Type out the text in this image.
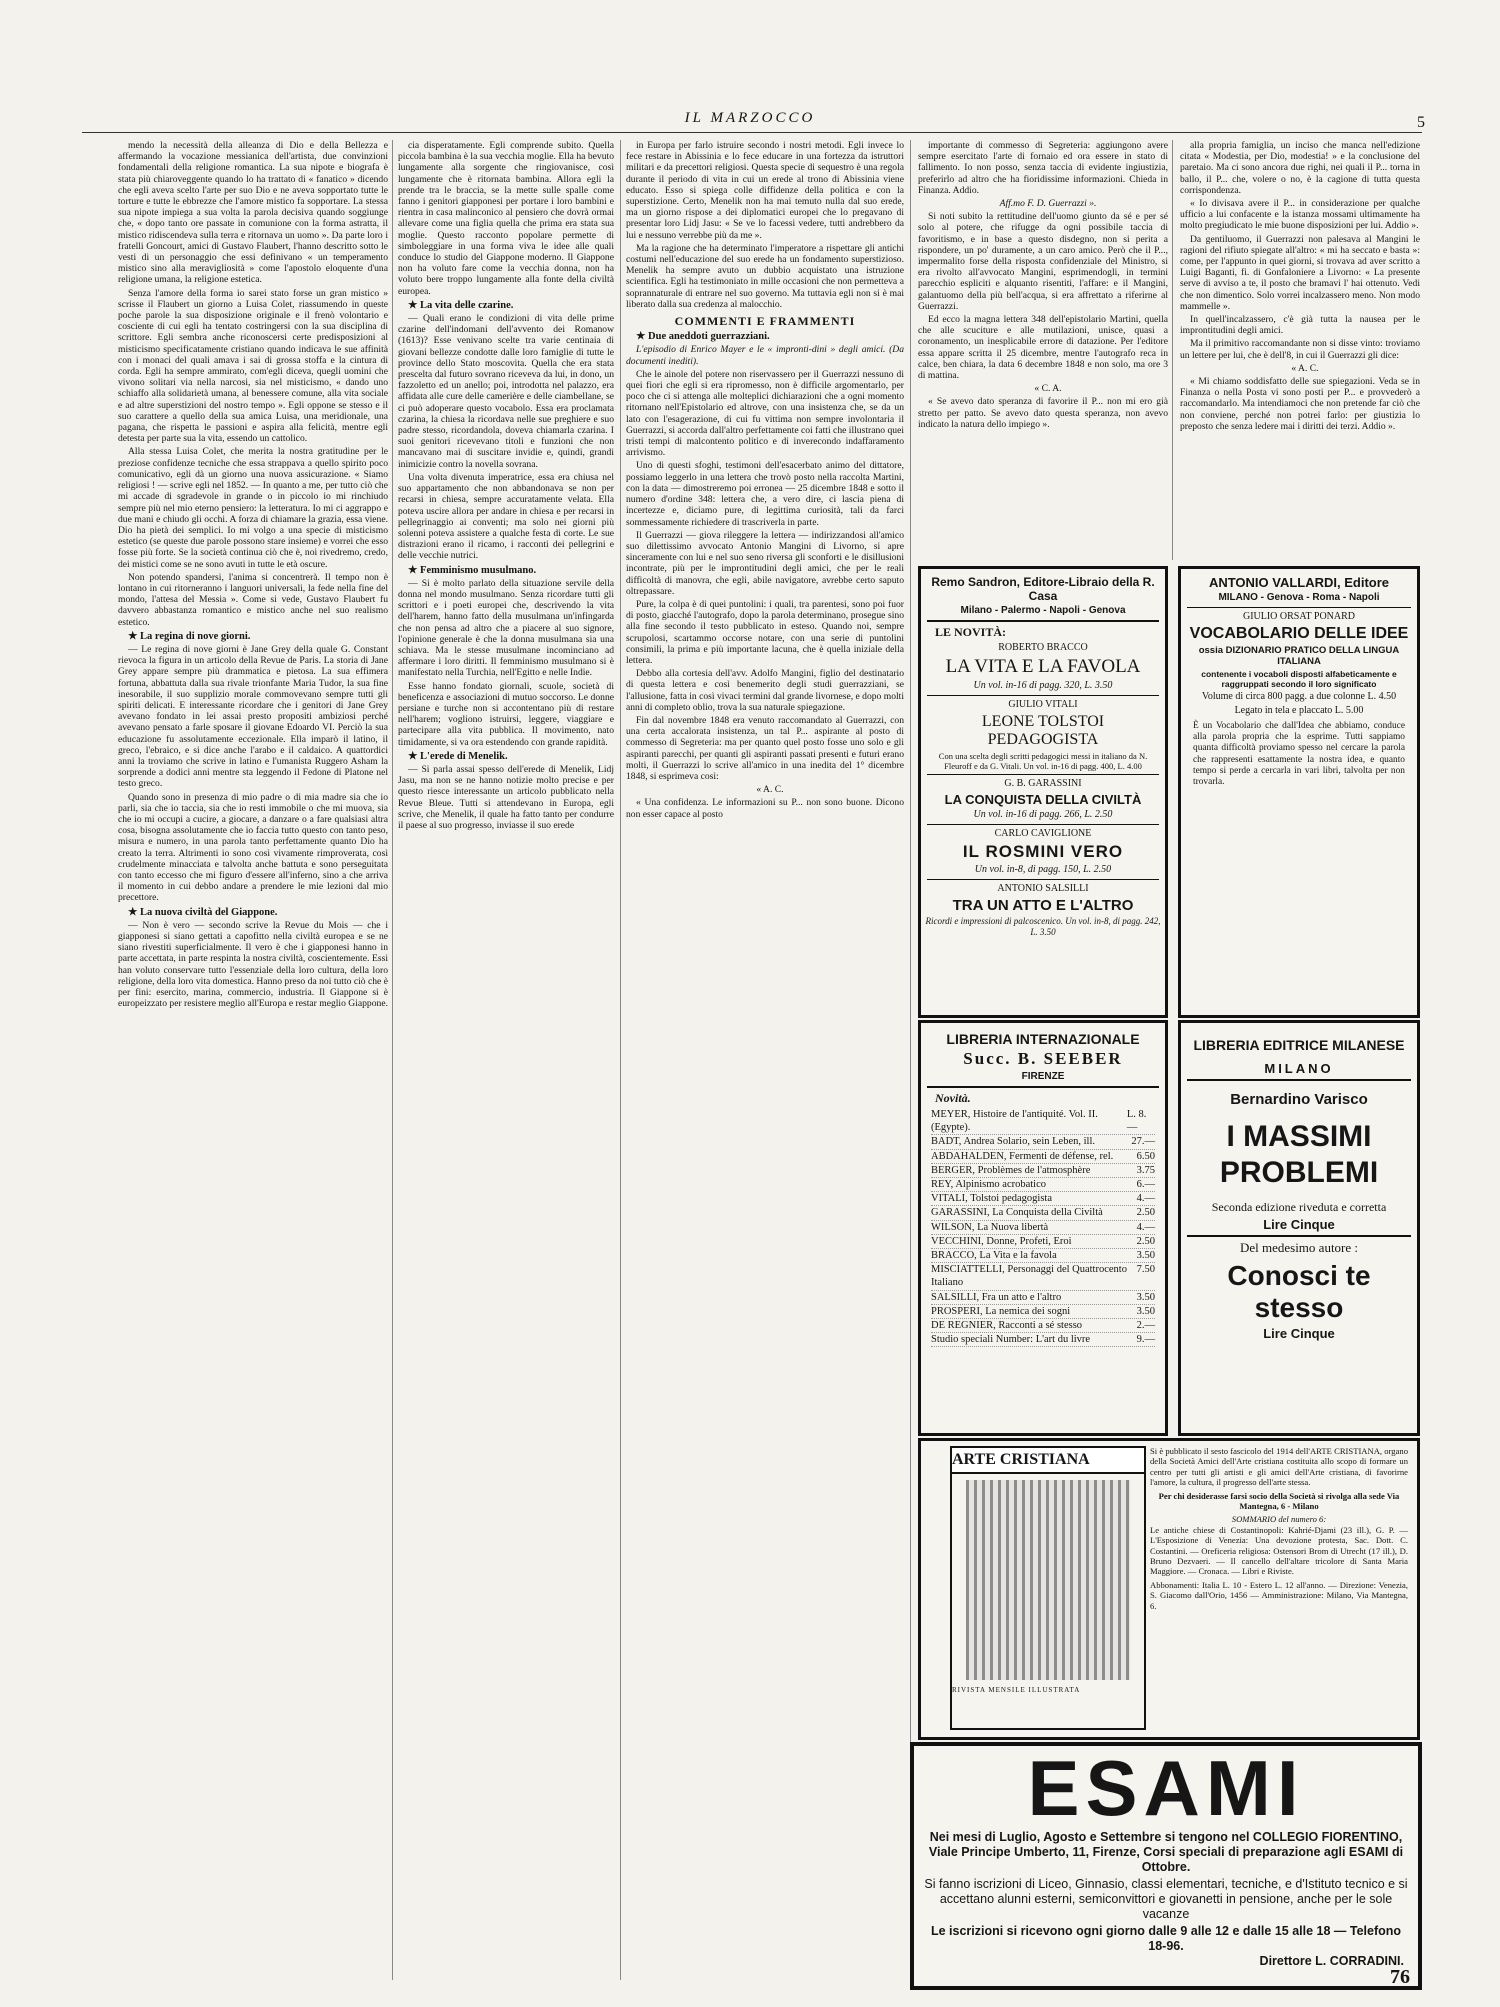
IL MARZOCCO	5

mendo la necessità della alleanza di Dio e della Bellezza e affermando la vocazione messianica dell'artista, due convinzioni fondamentali della religione romantica. La sua nipote e biografa è stata più chiaroveggente quando lo ha trattato di « fanatico » dicendo che egli aveva scelto l'arte per suo Dio e ne aveva sopportato tutte le torture e tutte le ebbrezze che l'amore mistico fa sopportare. La stessa sua nipote impiega a sua volta la parola decisiva quando soggiunge che, « dopo tanto ore passate in comunione con la forma astratta, il mistico ridiscendeva sulla terra e ritornava un uomo ». Da parte loro i fratelli Goncourt, amici di Gustavo Flaubert, l'hanno descritto sotto le vesti di un personaggio che essi definivano « un temperamento mistico sino alla meravigliosità » come l'apostolo eloquente d'una religione umana, la religione estetica.

Senza l'amore della forma io sarei stato forse un gran mistico » scrisse il Flaubert un giorno a Luisa Colet, riassumendo in queste poche parole la sua disposizione originale e il frenò volontario e cosciente di cui egli ha tentato costringersi con la sua disciplina di scrittore. Egli sembra anche riconoscersi certe predisposizioni al misticismo specificatamente cristiano quando indicava le sue affinità con i monaci del quali amava i sai di grossa stoffa e la cintura di corda. Egli ha sempre ammirato, com'egli diceva, quegli uomini che vivono solitari via nella narcosi, sia nel misticismo, « dando uno schiaffo alla solidarietà umana, al benessere comune, alla vita sociale e ad altre superstizioni del nostro tempo ». Egli oppone se stesso e il suo carattere a quello della sua amica Luisa, una meridionale, una pagana, che rispetta le passioni e aspira alla felicità, mentre egli detesta per parte sua la vita, essendo un cattolico.

Alla stessa Luisa Colet, che merita la nostra gratitudine per le preziose confidenze tecniche che essa strappava a quello spirito poco comunicativo, egli dà un giorno una nuova assicurazione. « Siamo religiosi ! — scrive egli nel 1852. — In quanto a me, per tutto ciò che mi accade di sgradevole in grande o in piccolo io mi rinchiudo sempre più nel mio eterno pensiero: la letteratura. Io mi ci aggrappo e due mani e chiudo gli occhi. A forza di chiamare la grazia, essa viene. Dio ha pietà dei semplici. Io mi volgo a una specie di misticismo estetico (se queste due parole possono stare insieme) e vorrei che esso fosse più forte. Se la società continua ciò che è, noi rivedremo, credo, dei mistici come se ne sono avuti in tutte le età oscure.

Non potendo spandersi, l'anima si concentrerà. Il tempo non è lontano in cui ritorneranno i languori universali, la fede nella fine del mondo, l'attesa del Messia ». Come si vede, Gustavo Flaubert fu davvero abbastanza romantico e mistico anche nel suo realismo estetico.

★ La regina di nove giorni.

— Le regina di nove giorni è Jane Grey della quale G. Constant rievoca la figura in un articolo della Revue de Paris. La storia di Jane Grey appare sempre più drammatica e pietosa. La sua effimera fortuna, abbattuta dalla sua rivale trionfante Maria Tudor, la sua fine inesorabile, il suo supplizio morale commovevano sempre tutti gli spiriti delicati. E interessante ricordare che i genitori di Jane Grey avevano fondato in lei assai presto propositi ambiziosi perché avevano pensato a farle sposare il giovane Edoardo VI. Perciò la sua educazione fu assolutamente eccezionale. Ella imparò il latino, il greco, l'ebraico, e si dice anche l'arabo e il caldaico. A quattordici anni la troviamo che scrive in latino e l'umanista Ruggero Asham la sorprende a dodici anni mentre sta leggendo il Fedone di Platone nel testo greco.

Quando sono in presenza di mio padre o di mia madre sia che io parli, sia che io taccia, sia che io resti immobile o che mi muova, sia che io mi occupi a cucire, a giocare, a danzare o a fare qualsiasi altra cosa, bisogna assolutamente che io faccia tutto questo con tanto peso, misura e numero, in una parola tanto perfettamente quanto Dio ha creato la terra. Altrimenti io sono così vivamente rimproverata, così crudelmente minacciata e talvolta anche battuta e sono perseguitata con tanto eccesso che mi figuro d'essere all'inferno, sino a che arriva il momento in cui debbo andare a prendere le mie lezioni dal mio precettore.

★ La nuova civiltà del Giappone.

— Non è vero — secondo scrive la Revue du Mois — che i giapponesi si siano gettati a capofitto nella civiltà europea e se ne siano rivestiti superficialmente. Il vero è che i giapponesi hanno in parte accettata, in parte respinta la nostra civiltà, coscientemente. Essi han voluto conservare tutto l'essenziale della loro cultura, della loro religione, della loro vita domestica. Hanno preso da noi tutto ciò che è per fini: esercito, marina, commercio, industria. Il Giappone si è europeizzato per resistere meglio all'Europa e restar meglio Giappone.

cia disperatamente. Egli comprende subito. Quella piccola bambina è la sua vecchia moglie. Ella ha bevuto lungamente alla sorgente che ringiovanisce, così lungamente che è ritornata bambina. Allora egli la prende tra le braccia, se la mette sulle spalle come fanno i genitori giapponesi per portare i loro bambini e rientra in casa malinconico al pensiero che dovrà ormai allevare come una figlia quella che prima era stata sua moglie. Questo racconto popolare permette di simboleggiare in una forma viva le idee alle quali conduce lo studio del Giappone moderno. Il Giappone non ha voluto fare come la vecchia donna, non ha voluto bere troppo lungamente alla fonte della civiltà europea.

★ La vita delle czarine.

— Quali erano le condizioni di vita delle prime czarine dell'indomani dell'avvento dei Romanow (1613)? Esse venivano scelte tra varie centinaia di giovani bellezze condotte dalle loro famiglie di tutte le province dello Stato moscovita. Quella che era stata prescelta dal futuro sovrano riceveva da lui, in dono, un fazzoletto ed un anello; poi, introdotta nel palazzo, era affidata alle cure delle camerière e delle ciambellane, se ci può adoperare questo vocabolo. Essa era proclamata czarina, la chiesa la ricordava nelle sue preghiere e suo padre stesso, ricordandola, doveva chiamarla czarina. I suoi genitori ricevevano titoli e funzioni che non mancavano mai di suscitare invidie e, quindi, grandi inimicizie contro la novella sovrana.

Una volta divenuta imperatrice, essa era chiusa nel suo appartamento che non abbandonava se non per recarsi in chiesa, sempre accuratamente velata. Ella poteva uscire allora per andare in chiesa e per recarsi in pellegrinaggio ai conventi; ma solo nei giorni più solenni poteva assistere a qualche festa di corte. Le sue distrazioni erano il ricamo, i racconti dei pellegrini e delle vecchie nutrici.

★ Femminismo musulmano.

— Si è molto parlato della situazione servile della donna nel mondo musulmano. Senza ricordare tutti gli scrittori e i poeti europei che, descrivendo la vita dell'harem, hanno fatto della musulmana un'infingarda che non pensa ad altro che a piacere al suo signore, l'opinione generale è che la donna musulmana sia una schiava. Ma le stesse musulmane incominciano ad affermare i loro diritti. Il femminismo musulmano si è manifestato nella Turchia, nell'Egitto e nelle Indie.

Esse hanno fondato giornali, scuole, società di beneficenza e associazioni di mutuo soccorso. Le donne persiane e turche non si accontentano più di restare nell'harem; vogliono istruirsi, leggere, viaggiare e partecipare alla vita pubblica. Il movimento, nato timidamente, si va ora estendendo con grande rapidità.

★ L'erede di Menelik.

— Si parla assai spesso dell'erede di Menelik, Lidj Jasu, ma non se ne hanno notizie molto precise e per questo riesce interessante un articolo pubblicato nella Revue Bleue. Tutti si attendevano in Europa, egli scrive, che Menelik, il quale ha fatto tanto per condurre il paese al suo progresso, inviasse il suo erede

in Europa per farlo istruire secondo i nostri metodi. Egli invece lo fece restare in Abissinia e lo fece educare in una fortezza da istruttori militari e da precettori religiosi. Questa specie di sequestro è una regola durante il periodo di vita in cui un erede al trono di Abissinia viene educato. Esso si spiega colle diffidenze della politica e con la superstizione. Certo, Menelik non ha mai temuto nulla dal suo erede, ma un giorno rispose a dei diplomatici europei che lo pregavano di presentar loro Lidj Jasu: « Se ve lo facessi vedere, tutti andrebbero da lui e nessuno verrebbe più da me ».

Ma la ragione che ha determinato l'imperatore a rispettare gli antichi costumi nell'educazione del suo erede ha un fondamento superstizioso. Menelik ha sempre avuto un dubbio acquistato una istruzione scientifica. Egli ha testimoniato in mille occasioni che non permetteva a soprannaturale di entrare nel suo governo. Ma tuttavia egli non si è mai liberato dalla sua credenza al malocchio.

COMMENTI E FRAMMENTI
★ Due aneddoti guerrazziani.

L'episodio di Enrico Mayer e le « impronti-dini » degli amici. (Da documenti inediti).

Che le ainole del potere non riservassero per il Guerrazzi nessuno di quei fiori che egli si era ripromesso, non è difficile argomentarlo, per poco che ci si attenga alle molteplici dichiarazioni che a ogni momento ritornano nell'Epistolario ed altrove, con una insistenza che, se da un lato con l'esagerazione, di cui fu vittima non sempre involontaria il Guerrazzi, si accorda dall'altro perfettamente coi fatti che illustrano quei tristi tempi di malcontento politico e di inverecondo indaffaramento arrivismo.

Uno di questi sfoghi, testimoni dell'esacerbato animo del dittatore, possiamo leggerlo in una lettera che trovò posto nella raccolta Martini, con la data — dimostreremo poi erronea — 25 dicembre 1848 e sotto il numero d'ordine 348: lettera che, a vero dire, ci lascia piena di incertezze e, diciamo pure, di legittima curiosità, tali da farci sommessamente richiedere di trascriverla in parte.

Il Guerrazzi — giova rileggere la lettera — indirizzandosi all'amico suo dilettissimo avvocato Antonio Mangini di Livorno, si apre sinceramente con lui e nel suo seno riversa gli sconforti e le disillusioni incontrate, più per le improntitudini degli amici, che per le reali difficoltà di manovra, che egli, abile navigatore, avrebbe certo saputo oltrepassare.

Pure, la colpa è di quei puntolini: i quali, tra parentesi, sono poi fuor di posto, giacché l'autografo, dopo la parola determinano, prosegue sino alla fine secondo il testo pubblicato in esteso. Quando noi, sempre scrupolosi, scartammo occorse notare, con una serie di puntolini consimili, la prima e più importante lacuna, che è quella iniziale della lettera.

Debbo alla cortesia dell'avv. Adolfo Mangini, figlio del destinatario di questa lettera e così benemerito degli studi guerrazziani, se l'allusione, fatta in così vivaci termini dal grande livornese, e dopo molti anni di completo oblio, trova la sua naturale spiegazione.

Fin dal novembre 1848 era venuto raccomandato al Guerrazzi, con una certa accalorata insistenza, un tal P... aspirante al posto di commesso di Segreteria: ma per quanto quel posto fosse uno solo e gli aspiranti parecchi, per quanti gli aspiranti passati presenti e futuri erano molti, il Guerrazzi lo scrive all'amico in una inedita del 1° dicembre 1848, si esprimeva così:

« A. C.

« Una confidenza. Le informazioni su P... non sono buone. Dicono non esser capace al posto

importante di commesso di Segreteria: aggiungono avere sempre esercitato l'arte di fornaio ed ora essere in stato di fallimento. Io non posso, senza taccia di evidente ingiustizia, preferirlo ad altro che ha fioridissime informazioni. Chieda in Finanza. Addio.

Aff.mo F. D. Guerrazzi ».

Si noti subito la rettitudine dell'uomo giunto da sé e per sé solo al potere, che rifugge da ogni possibile taccia di favoritismo, e in base a questo disdegno, non si perita a rispondere, un po' duramente, a un caro amico. Però che il P..., impermalito forse della risposta confidenziale del Ministro, si era rivolto all'avvocato Mangini, esprimendogli, in termini parecchio espliciti e alquanto risentiti, l'affare: e il Mangini, galantuomo della più bell'acqua, si era affrettato a riferirne al Guerrazzi.

Ed ecco la magna lettera 348 dell'epistolario Martini, quella che alle scuciture e alle mutilazioni, unisce, quasi a coronamento, un inesplicabile errore di datazione. Per l'editore essa appare scritta il 25 dicembre, mentre l'autografo reca in calce, ben chiara, la data 6 decembre 1848 e non solo, ma ore 3 di mattina.

« C. A.

« Se avevo dato speranza di favorire il P... non mi ero già stretto per patto. Se avevo dato questa speranza, non avevo indicato la natura dello impiego ».

alla propria famiglia, un inciso che manca nell'edizione citata « Modestia, per Dio, modestia! » e la conclusione del paretaio. Ma ci sono ancora due righi, nei quali il P... torna in ballo, il P... che, volere o no, è la cagione di tutta questa corrispondenza.

« Io divisava avere il P... in considerazione per qualche ufficio a lui confacente e la istanza mossami ultimamente ha molto pregiudicato le mie buone disposizioni per lui. Addio ».

Da gentiluomo, il Guerrazzi non palesava al Mangini le ragioni del rifiuto spiegate all'altro: « mi ha seccato e basta »: come, per l'appunto in quei giorni, si trovava ad aver scritto a Luigi Baganti, fi. di Gonfaloniere a Livorno: « La presente serve di avviso a te, il posto che bramavi l' hai ottenuto. Vedi che non dimentico. Solo vorrei incalzassero meno. Non modo mammelle ».

In quell'incalzassero, c'è già tutta la nausea per le improntitudini degli amici.

Ma il primitivo raccomandante non si disse vinto: troviamo un lettere per lui, che è dell'8, in cui il Guerrazzi gli dice:

« A. C.

« Mi chiamo soddisfatto delle sue spiegazioni. Veda se in Finanza o nella Posta vi sono posti per P... e provvederò a raccomandarlo. Ma intendiamoci che non pretende far ciò che non conviene, perché non potrei farlo: per giustizia lo preposto che senza ledere mai i diritti dei terzi. Addio ».

Remo Sandron, Editore-Libraio della R. Casa
Milano - Palermo - Napoli - Genova
LE NOVITÀ:
ROBERTO BRACCO
LA VITA E LA FAVOLA
Un vol. in-16 di pagg. 320, L. 3.50
GIULIO VITALI
LEONE TOLSTOI PEDAGOGISTA
Con una scelta degli scritti pedagogici messi in italiano da N. Fleuroff e da G. Vitali. Un vol. in-16 di pagg. 400, L. 4.00
G. B. GARASSINI
LA CONQUISTA DELLA CIVILTÀ
Un vol. in-16 di pagg. 266, L. 2.50
CARLO CAVIGLIONE
IL ROSMINI VERO
Un vol. in-8, di pagg. 150, L. 2.50
ANTONIO SALSILLI
TRA UN ATTO E L'ALTRO
Ricordi e impressioni di palcoscenico. Un vol. in-8, di pagg. 242, L. 3.50
ANTONIO VALLARDI, Editore
MILANO - Genova - Roma - Napoli
GIULIO ORSAT PONARD
VOCABOLARIO DELLE IDEE
ossia DIZIONARIO PRATICO DELLA LINGUA ITALIANA
contenente i vocaboli disposti alfabeticamente e raggruppati secondo il loro significato
Volume di circa 800 pagg. a due colonne L. 4.50
Legato in tela e placcato L. 5.00
È un Vocabolario che dall'Idea che abbiamo, conduce alla parola propria che la esprime. Tutti sappiamo quanta difficoltà proviamo spesso nel cercare la parola che rappresenti esattamente la nostra idea, e quanto tempo si perde a cercarla in vari libri, talvolta per non trovarla.
LIBRERIA INTERNAZIONALE
Succ. B. SEEBER
FIRENZE
Novità.
MEYER, Histoire de l'antiquité. Vol. II. (Egypte).
L. 8.—
BADT, Andrea Solario, sein Leben, ill.	27.—
ABDAHALDEN, Fermenti de défense, rel. 6.50
BERGER, Problèmes de l'atmosphère	3.75
REY, Alpinismo acrobatico	6.—
VITALI, Tolstoi pedagogista	4.—
GARASSINI, La Conquista della Civiltà	2.50
WILSON, La Nuova libertà	4.—
VECCHINI, Donne, Profeti, Eroi	2.50
BRACCO, La Vita e la favola	3.50
MISCIATTELLI, Personaggi del Quattrocento Italiano
7.50
SALSILLI, Fra un atto e l'altro	3.50
PROSPERI, La nemica dei sogni	3.50
DE REGNIER, Racconti a sé stesso	2.—
Studio speciali Number: L'art du livre	9.—
LIBRERIA EDITRICE MILANESE
MILANO
Bernardino Varisco
I MASSIMI
PROBLEMI
Seconda edizione riveduta e corretta
Lire Cinque
Del medesimo autore :
Conosci te stesso
Lire Cinque
ARTE CRISTIANA
RIVISTA MENSILE ILLUSTRATA
Si è pubblicato il sesto fascicolo del 1914 dell'ARTE CRISTIANA, organo della Società Amici dell'Arte cristiana costituita allo scopo di formare un centro per tutti gli artisti e gli amici dell'Arte cristiana, di favorirne l'amore, la cultura, il progresso dell'arte stessa.
Per chi desiderasse farsi socio della Società si rivolga alla sede Via Mantegna, 6 - Milano
SOMMARIO del numero 6:
Le antiche chiese di Costantinopoli: Kahrié-Djami (23 ill.), G. P. — L'Esposizione di Venezia: Una devozione protesta, Sac. Dott. C. Costantini. — Oreficeria religiosa: Ostensori Brom di Utrecht (17 ill.), D. Bruno Dezvaeri. — Il cancello dell'altare tricolore di Santa Maria Maggiore. — Cronaca. — Libri e Riviste.
Abbonamenti: Italia L. 10 - Estero L. 12 all'anno. — Direzione: Venezia, S. Giacomo dall'Orio, 1456 — Amministrazione: Milano, Via Mantegna, 6.
ESAMI
Nei mesi di Luglio, Agosto e Settembre si tengono nel COLLEGIO FIORENTINO, Viale Principe Umberto, 11, Firenze, Corsi speciali di preparazione agli ESAMI di Ottobre.
Si fanno iscrizioni di Liceo, Ginnasio, classi elementari, tecniche, e d'Istituto tecnico e si accettano alunni esterni, semiconvittori e giovanetti in pensione, anche per le sole vacanze
Le iscrizioni si ricevono ogni giorno dalle 9 alle 12 e dalle 15 alle 18 — Telefono 18-96.
Direttore L. CORRADINI.
76
